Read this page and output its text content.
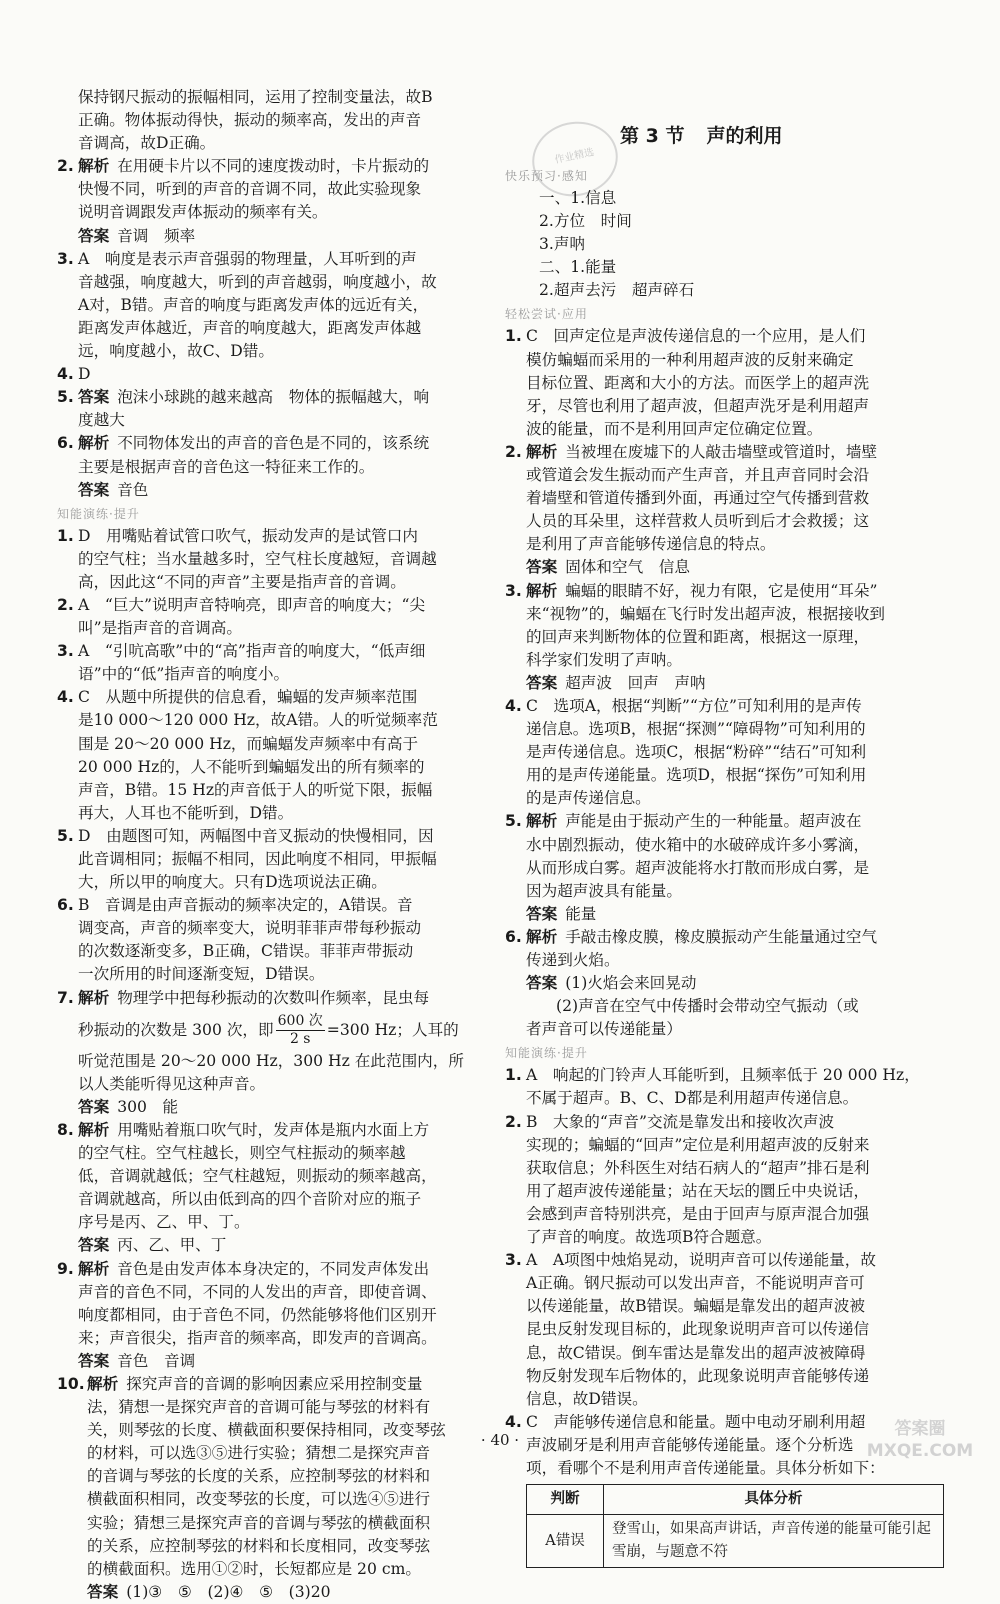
第 3 节 声的利用
作业精选
保持钢尺振动的振幅相同，运用了控制变量法，故B
正确。物体振动得快，振动的频率高，发出的声音
音调高，故D正确。
2. 解析 在用硬卡片以不同的速度拨动时，卡片振动的
快慢不同，听到的声音的音调不同，故此实验现象
说明音调跟发声体振动的频率有关。
答案 音调　频率
3. A　响度是表示声音强弱的物理量，人耳听到的声
音越强，响度越大，听到的声音越弱，响度越小，故
A对，B错。声音的响度与距离发声体的远近有关，
距离发声体越近，声音的响度越大，距离发声体越
远，响度越小，故C、D错。
4. D
5. 答案 泡沫小球跳的越来越高　物体的振幅越大，响
度越大
6. 解析 不同物体发出的声音的音色是不同的，该系统
主要是根据声音的音色这一特征来工作的。
答案 音色
知能演练·提升
1. D　用嘴贴着试管口吹气，振动发声的是试管口内
的空气柱；当水量越多时，空气柱长度越短，音调越
高，因此这“不同的声音”主要是指声音的音调。
2. A　“巨大”说明声音特响亮，即声音的响度大；“尖
叫”是指声音的音调高。
3. A　“引吭高歌”中的“高”指声音的响度大，“低声细
语”中的“低”指声音的响度小。
4. C　从题中所提供的信息看，蝙蝠的发声频率范围
是10 000～120 000 Hz，故A错。人的听觉频率范
围是 20～20 000 Hz，而蝙蝠发声频率中有高于
20 000 Hz的，人不能听到蝙蝠发出的所有频率的
声音，B错。15 Hz的声音低于人的听觉下限，振幅
再大，人耳也不能听到，D错。
5. D　由题图可知，两幅图中音叉振动的快慢相同，因
此音调相同；振幅不相同，因此响度不相同，甲振幅
大，所以甲的响度大。只有D选项说法正确。
6. B　音调是由声音振动的频率决定的，A错误。音
调变高，声音的频率变大，说明菲菲声带每秒振动
的次数逐渐变多，B正确，C错误。菲菲声带振动
一次所用的时间逐渐变短，D错误。
7. 解析 物理学中把每秒振动的次数叫作频率，昆虫每
秒振动的次数是 300 次，即 $\frac{\text{600 次}}{2 s} =300$ Hz；人耳的
听觉范围是 20～20 000 Hz，300 Hz 在此范围内，所
以人类能听得见这种声音。
答案 300　能
8. 解析 用嘴贴着瓶口吹气时，发声体是瓶内水面上方
的空气柱。空气柱越长，则空气柱振动的频率越
低，音调就越低；空气柱越短，则振动的频率越高，
音调就越高，所以由低到高的四个音阶对应的瓶子
序号是丙、乙、甲、丁。
答案 丙、乙、甲、丁
9. 解析 音色是由发声体本身决定的，不同发声体发出
声音的音色不同，不同的人发出的声音，即使音调、
响度都相同，由于音色不同，仍然能够将他们区别开
来；声音很尖，指声音的频率高，即发声的音调高。
答案 音色　音调
10. 解析 探究声音的音调的影响因素应采用控制变量
法，猜想一是探究声音的音调可能与琴弦的材料有
关，则琴弦的长度、横截面积要保持相同，改变琴弦
的材料，可以选③⑤进行实验；猜想二是探究声音
的音调与琴弦的长度的关系，应控制琴弦的材料和
横截面积相同，改变琴弦的长度，可以选④⑤进行
实验；猜想三是探究声音的音调与琴弦的横截面积
的关系，应控制琴弦的材料和长度相同，改变琴弦
的横截面积。选用①②时，长短都应是 20 cm。
答案 (1)③　⑤　(2)④　⑤　(3)20
快乐预习·感知
一、1.信息
2.方位　时间
3.声呐
二、1.能量
2.超声去污　超声碎石
轻松尝试·应用
1. C　回声定位是声波传递信息的一个应用，是人们
模仿蝙蝠而采用的一种利用超声波的反射来确定
目标位置、距离和大小的方法。而医学上的超声洗
牙，尽管也利用了超声波，但超声洗牙是利用超声
波的能量，而不是利用回声定位确定位置。
2. 解析 当被埋在废墟下的人敲击墙壁或管道时，墙壁
或管道会发生振动而产生声音，并且声音同时会沿
着墙壁和管道传播到外面，再通过空气传播到营救
人员的耳朵里，这样营救人员听到后才会救援；这
是利用了声音能够传递信息的特点。
答案 固体和空气　信息
3. 解析 蝙蝠的眼睛不好，视力有限，它是使用“耳朵”
来“视物”的，蝙蝠在飞行时发出超声波，根据接收到
的回声来判断物体的位置和距离，根据这一原理，
科学家们发明了声呐。
答案 超声波　回声　声呐
4. C　选项A，根据“判断”“方位”可知利用的是声传
递信息。选项B，根据“探测”“障碍物”可知利用的
是声传递信息。选项C，根据“粉碎”“结石”可知利
用的是声传递能量。选项D，根据“探伤”可知利用
的是声传递信息。
5. 解析 声能是由于振动产生的一种能量。超声波在
水中剧烈振动，使水箱中的水破碎成许多小雾滴，
从而形成白雾。超声波能将水打散而形成白雾，是
因为超声波具有能量。
答案 能量
6. 解析 手敲击橡皮膜，橡皮膜振动产生能量通过空气
传递到火焰。
答案 (1)火焰会来回晃动
(2)声音在空气中传播时会带动空气振动（或
者声音可以传递能量）
知能演练·提升
1. A　响起的门铃声人耳能听到，且频率低于 20 000 Hz，
不属于超声。B、C、D都是利用超声传递信息。
2. B　大象的“声音”交流是靠发出和接收次声波
实现的；蝙蝠的“回声”定位是利用超声波的反射来
获取信息；外科医生对结石病人的“超声”排石是利
用了超声波传递能量；站在天坛的圜丘中央说话，
会感到声音特别洪亮，是由于回声与原声混合加强
了声音的响度。故选项B符合题意。
3. A　A项图中烛焰晃动，说明声音可以传递能量，故
A正确。钢尺振动可以发出声音，不能说明声音可
以传递能量，故B错误。蝙蝠是靠发出的超声波被
昆虫反射发现目标的，此现象说明声音可以传递信
息，故C错误。倒车雷达是靠发出的超声波被障碍
物反射发现车后物体的，此现象说明声音能够传递
信息，故D错误。
4. C　声能够传递信息和能量。题中电动牙刷利用超
声波刷牙是利用声音能够传递能量。逐个分析选
项，看哪个不是利用声音传递能量。具体分析如下：
判断	具体分析
A错误	登雪山，如果高声讲话，声音传递的能量可能引起雪崩，与题意不符
· 40 ·
答案圈
MXQE.COM
